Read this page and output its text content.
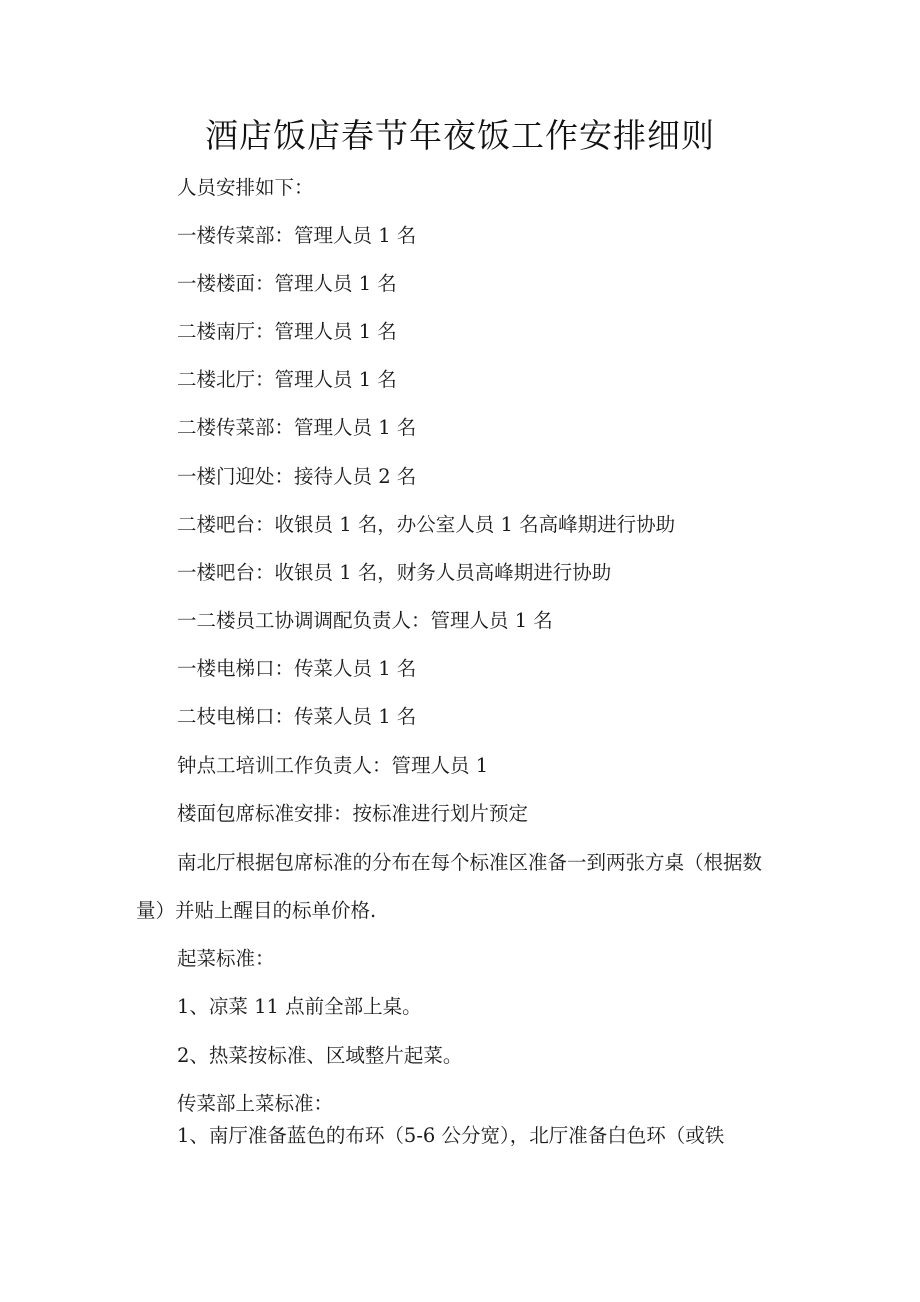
酒店饭店春节年夜饭工作安排细则
人员安排如下：
一楼传菜部：管理人员 1 名
一楼楼面：管理人员 1 名
二楼南厅：管理人员 1 名
二楼北厅：管理人员 1 名
二楼传菜部：管理人员 1 名
一楼门迎处：接待人员 2 名
二楼吧台：收银员 1 名，办公室人员 1 名高峰期进行协助
一楼吧台：收银员 1 名，财务人员高峰期进行协助
一二楼员工协调调配负责人：管理人员 1 名
一楼电梯口：传菜人员 1 名
二枝电梯口：传菜人员 1 名
钟点工培训工作负责人：管理人员 1
楼面包席标准安排：按标准进行划片预定
南北厅根据包席标准的分布在每个标准区准备一到两张方桌（根据数
量）并贴上醒目的标单价格.
起菜标准：
1、凉菜 11 点前全部上桌。
2、热菜按标准、区域整片起菜。
传菜部上菜标准：
1、南厅准备蓝色的布环（5-6 公分宽），北厅准备白色环（或铁
